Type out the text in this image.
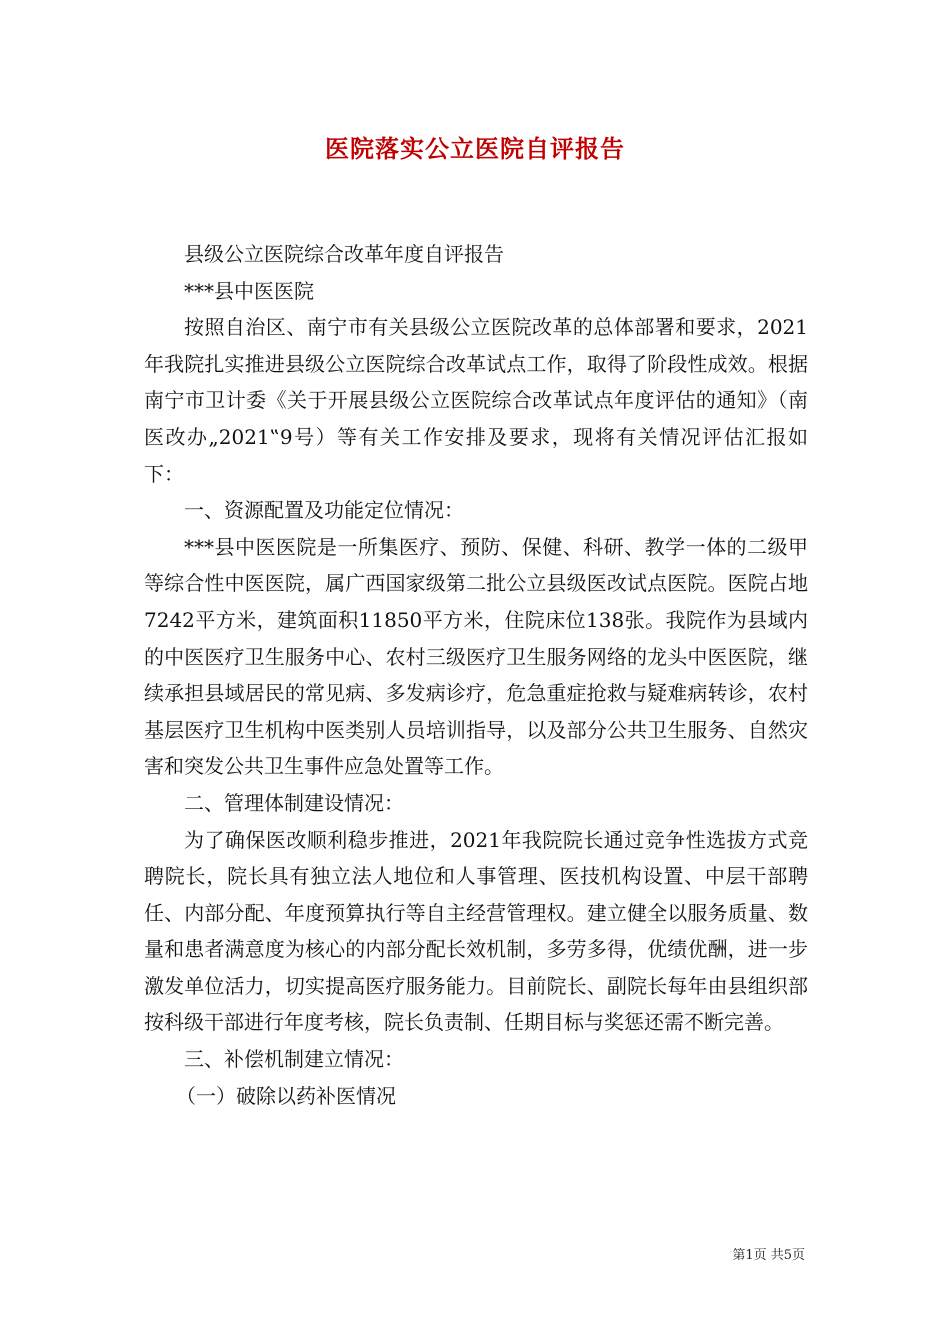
医院落实公立医院自评报告

县级公立医院综合改革年度自评报告

***县中医医院

按照自治区、南宁市有关县级公立医院改革的总体部署和要求，2021年我院扎实推进县级公立医院综合改革试点工作，取得了阶段性成效。根据南宁市卫计委《关于开展县级公立医院综合改革试点年度评估的通知》（南医改办„2021‟9号）等有关工作安排及要求，现将有关情况评估汇报如下：

一、资源配置及功能定位情况：

***县中医医院是一所集医疗、预防、保健、科研、教学一体的二级甲等综合性中医医院，属广西国家级第二批公立县级医改试点医院。医院占地7242平方米，建筑面积11850平方米，住院床位138张。我院作为县域内的中医医疗卫生服务中心、农村三级医疗卫生服务网络的龙头中医医院，继续承担县域居民的常见病、多发病诊疗，危急重症抢救与疑难病转诊，农村基层医疗卫生机构中医类别人员培训指导，以及部分公共卫生服务、自然灾害和突发公共卫生事件应急处置等工作。

二、管理体制建设情况：

为了确保医改顺利稳步推进，2021年我院院长通过竞争性选拔方式竞聘院长，院长具有独立法人地位和人事管理、医技机构设置、中层干部聘任、内部分配、年度预算执行等自主经营管理权。建立健全以服务质量、数量和患者满意度为核心的内部分配长效机制，多劳多得，优绩优酬，进一步激发单位活力，切实提高医疗服务能力。目前院长、副院长每年由县组织部按科级干部进行年度考核，院长负责制、任期目标与奖惩还需不断完善。

三、补偿机制建立情况：

（一）破除以药补医情况

第1页 共5页
